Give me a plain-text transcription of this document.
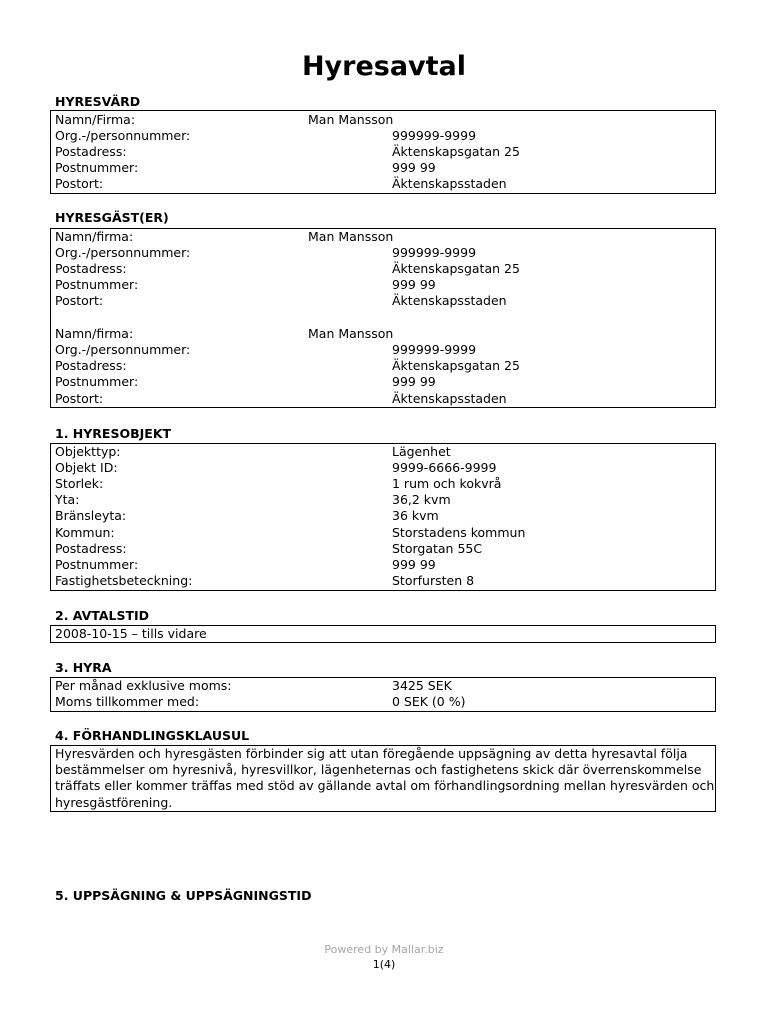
Hyresavtal
HYRESVÄRD
Namn/Firma:	Man Mansson
Org.-/personnummer:	999999-9999
Postadress:	Äktenskapsgatan 25
Postnummer:	999 99
Postort:	Äktenskapsstaden
HYRESGÄST(ER)
Namn/firma:	Man Mansson
Org.-/personnummer:	999999-9999
Postadress:	Äktenskapsgatan 25
Postnummer:	999 99
Postort:	Äktenskapsstaden
Namn/firma:	Man Mansson
Org.-/personnummer:	999999-9999
Postadress:	Äktenskapsgatan 25
Postnummer:	999 99
Postort:	Äktenskapsstaden
1. HYRESOBJEKT
Objekttyp:	Lägenhet
Objekt ID:	9999-6666-9999
Storlek:	1 rum och kokvrå
Yta:	36,2 kvm
Bränsleyta:	36 kvm
Kommun:	Storstadens kommun
Postadress:	Storgatan 55C
Postnummer:	999 99
Fastighetsbeteckning:	Storfursten 8
2. AVTALSTID
2008-10-15 – tills vidare
3. HYRA
Per månad exklusive moms:	3425 SEK
Moms tillkommer med:	0 SEK (0 %)
4. FÖRHANDLINGSKLAUSUL
Hyresvärden och hyresgästen förbinder sig att utan föregående uppsägning av detta hyresavtal följa bestämmelser om hyresnivå, hyresvillkor, lägenheternas och fastighetens skick där överrenskommelse träffats eller kommer träffas med stöd av gällande avtal om förhandlingsordning mellan hyresvärden och hyresgästförening.
5. UPPSÄGNING & UPPSÄGNINGSTID
Powered by Mallar.biz
1(4)
